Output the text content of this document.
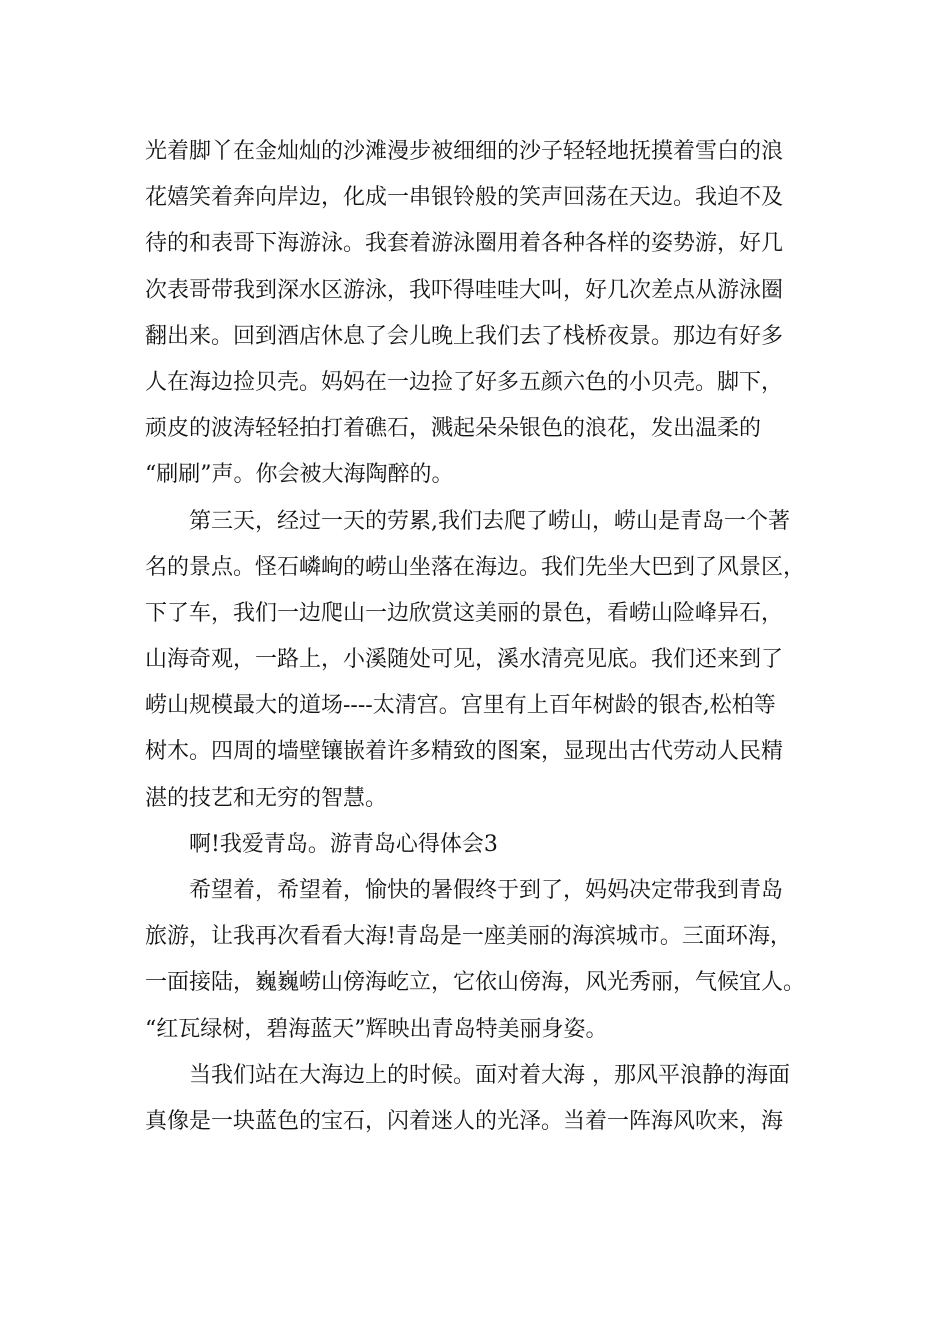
光着脚丫在金灿灿的沙滩漫步被细细的沙子轻轻地抚摸着雪白的浪
花嬉笑着奔向岸边，化成一串银铃般的笑声回荡在天边。我迫不及
待的和表哥下海游泳。我套着游泳圈用着各种各样的姿势游，好几
次表哥带我到深水区游泳，我吓得哇哇大叫，好几次差点从游泳圈
翻出来。回到酒店休息了会儿晚上我们去了栈桥夜景。那边有好多
人在海边捡贝壳。妈妈在一边捡了好多五颜六色的小贝壳。脚下，
顽皮的波涛轻轻拍打着礁石，溅起朵朵银色的浪花，发出温柔的
“刷刷”声。你会被大海陶醉的。
第三天，经过一天的劳累,我们去爬了崂山，崂山是青岛一个著
名的景点。怪石嶙峋的崂山坐落在海边。我们先坐大巴到了风景区，
下了车，我们一边爬山一边欣赏这美丽的景色，看崂山险峰异石，
山海奇观，一路上，小溪随处可见，溪水清亮见底。我们还来到了
崂山规模最大的道场----太清宫。宫里有上百年树龄的银杏,松柏等
树木。四周的墙壁镶嵌着许多精致的图案，显现出古代劳动人民精
湛的技艺和无穷的智慧。
啊!我爱青岛。游青岛心得体会3
希望着，希望着，愉快的暑假终于到了，妈妈决定带我到青岛
旅游，让我再次看看大海!青岛是一座美丽的海滨城市。三面环海，
一面接陆，巍巍崂山傍海屹立，它依山傍海，风光秀丽，气候宜人。
“红瓦绿树，碧海蓝天”辉映出青岛特美丽身姿。
当我们站在大海边上的时候。面对着大海 ，那风平浪静的海面
真像是一块蓝色的宝石，闪着迷人的光泽。当着一阵海风吹来，海
